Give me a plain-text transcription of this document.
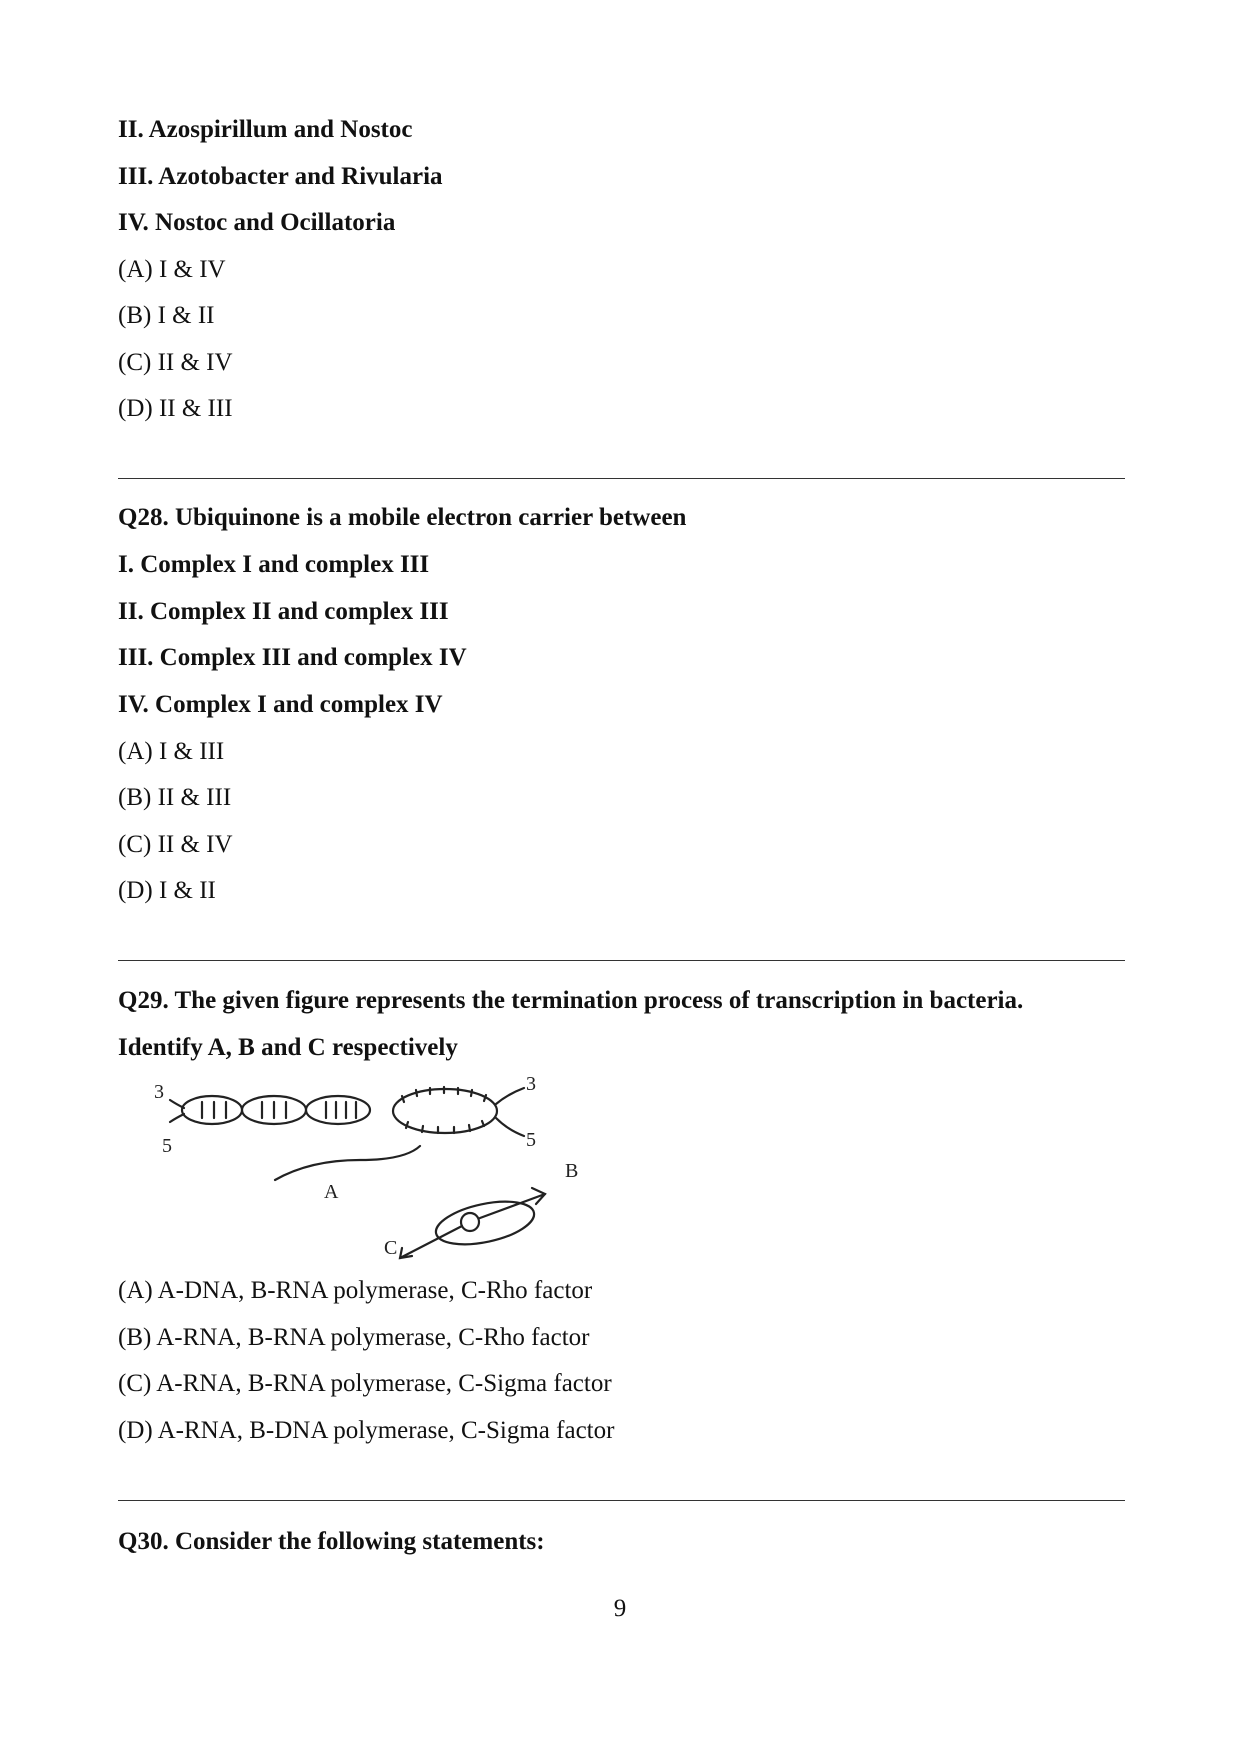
II. Azospirillum and Nostoc
III. Azotobacter and Rivularia
IV. Nostoc and Ocillatoria
(A) I & IV
(B) I & II
(C) II & IV
(D) II & III
Q28. Ubiquinone is a mobile electron carrier between
I. Complex I and complex III
II. Complex II and complex III
III. Complex III and complex IV
IV. Complex I and complex IV
(A) I & III
(B) II & III
(C) II & IV
(D) I & II
Q29. The given figure represents the termination process of transcription in bacteria.
Identify A, B and C respectively
3
5
3
5
A
B
C
(A) A-DNA, B-RNA polymerase, C-Rho factor
(B) A-RNA, B-RNA polymerase, C-Rho factor
(C) A-RNA, B-RNA polymerase, C-Sigma factor
(D) A-RNA, B-DNA polymerase, C-Sigma factor
Q30. Consider the following statements:
9
